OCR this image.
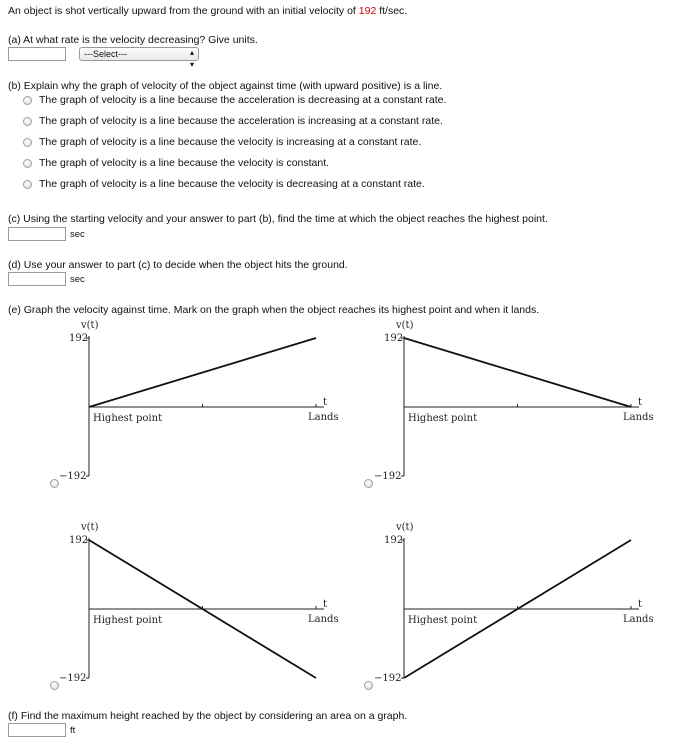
An object is shot vertically upward from the ground with an initial velocity of 192 ft/sec.
(a) At what rate is the velocity decreasing? Give units.
---Select---	▴
▾
(b) Explain why the graph of velocity of the object against time (with upward positive) is a line.
The graph of velocity is a line because the acceleration is decreasing at a constant rate.
The graph of velocity is a line because the acceleration is increasing at a constant rate.
The graph of velocity is a line because the velocity is increasing at a constant rate.
The graph of velocity is a line because the velocity is constant.
The graph of velocity is a line because the velocity is decreasing at a constant rate.
(c) Using the starting velocity and your answer to part (b), find the time at which the object reaches the highest point.
sec
(d) Use your answer to part (c) to decide when the object hits the ground.
sec
(e) Graph the velocity against time. Mark on the graph when the object reaches its highest point and when it lands.
v(t)
192
−192
t
Highest point	Lands
v(t)
192
−192
t
Highest point	Lands
v(t)
192
−192
t
Highest point	Lands
v(t)
192
−192
t
Highest point	Lands
(f) Find the maximum height reached by the object by considering an area on a graph.
ft
